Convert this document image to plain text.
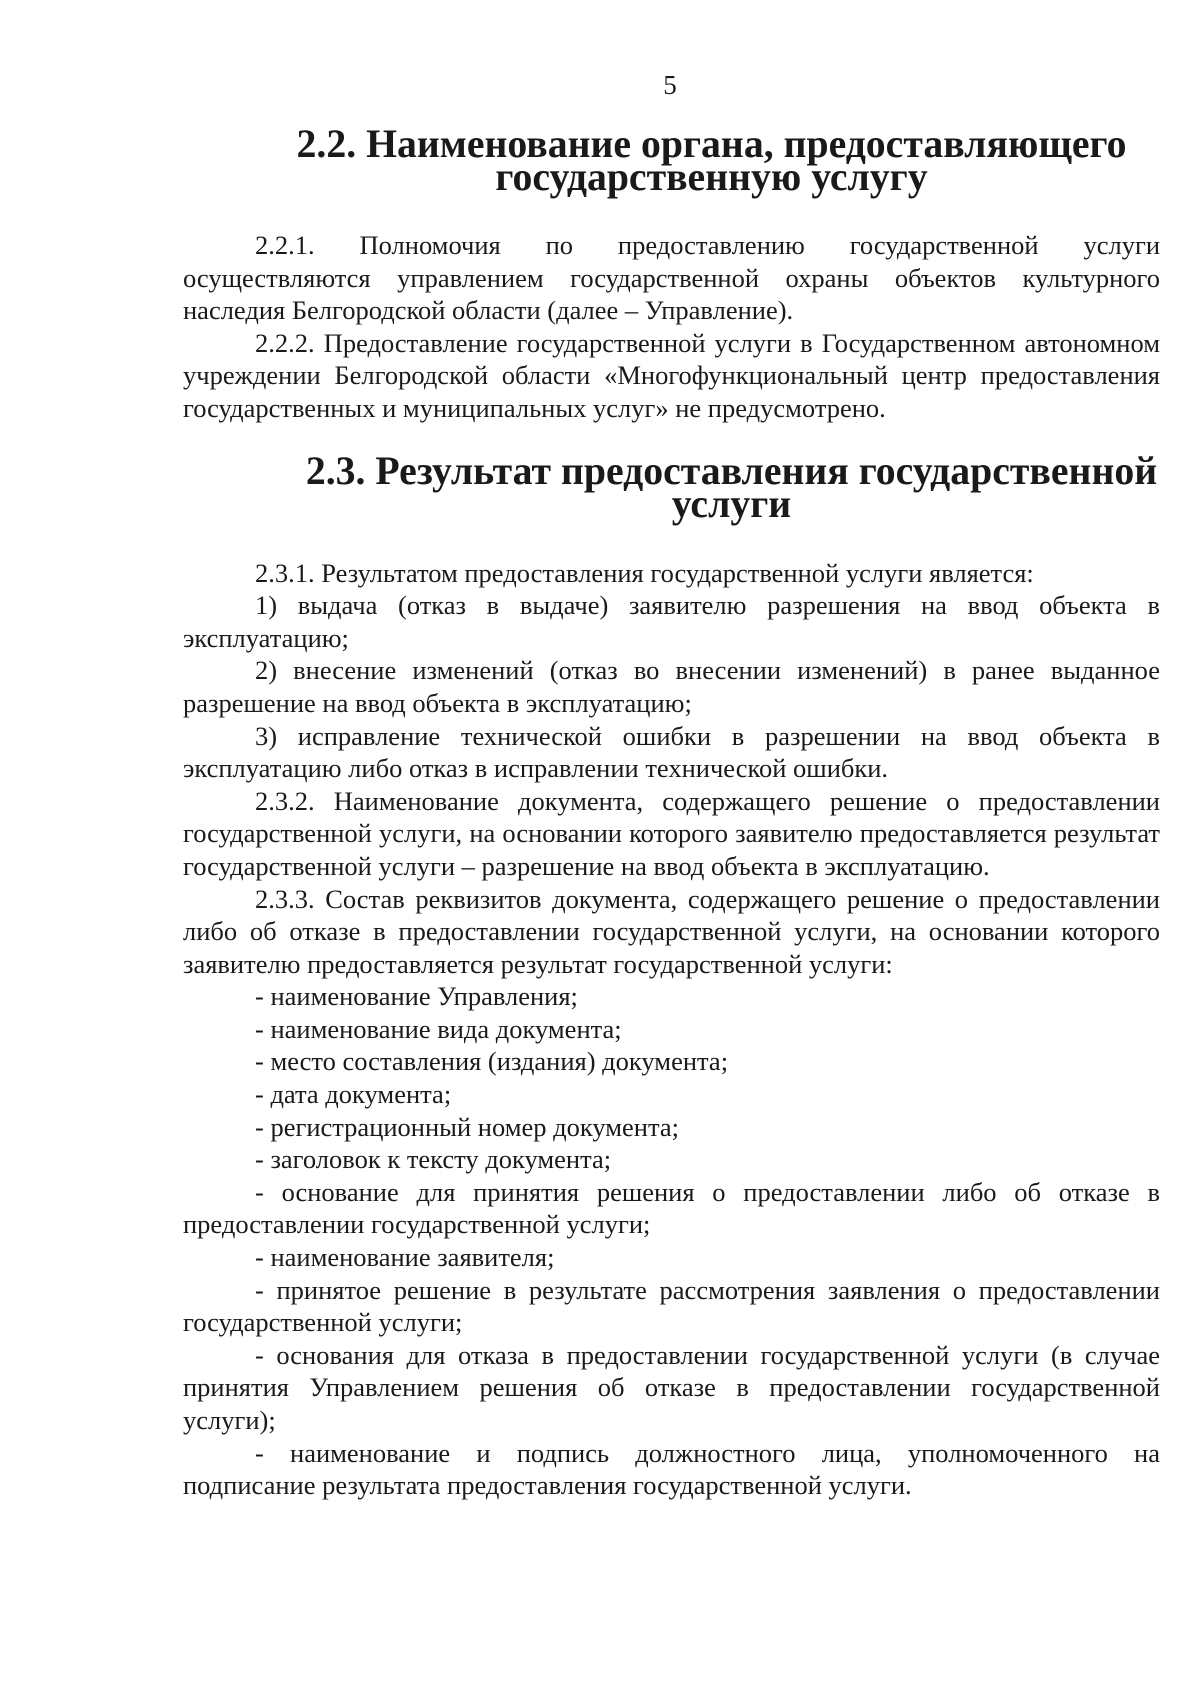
5
2.2. Наименование органа, предоставляющего государственную услугу

2.2.1. Полномочия по предоставлению государственной услуги осуществляются управлением государственной охраны объектов культурного наследия Белгородской области (далее – Управление).

2.2.2. Предоставление государственной услуги в Государственном автономном учреждении Белгородской области «Многофункциональный центр предоставления государственных и муниципальных услуг» не предусмотрено.

2.3. Результат предоставления государственной услуги

2.3.1. Результатом предоставления государственной услуги является:

1) выдача (отказ в выдаче) заявителю разрешения на ввод объекта в эксплуатацию;

2) внесение изменений (отказ во внесении изменений) в ранее выданное разрешение на ввод объекта в эксплуатацию;

3) исправление технической ошибки в разрешении на ввод объекта в эксплуатацию либо отказ в исправлении технической ошибки.

2.3.2. Наименование документа, содержащего решение о предоставлении государственной услуги, на основании которого заявителю предоставляется результат государственной услуги – разрешение на ввод объекта в эксплуатацию.

2.3.3. Состав реквизитов документа, содержащего решение о предоставлении либо об отказе в предоставлении государственной услуги, на основании которого заявителю предоставляется результат государственной услуги:

- наименование Управления;

- наименование вида документа;

- место составления (издания) документа;

- дата документа;

- регистрационный номер документа;

- заголовок к тексту документа;

- основание для принятия решения о предоставлении либо об отказе в предоставлении государственной услуги;

- наименование заявителя;

- принятое решение в результате рассмотрения заявления о предоставлении государственной услуги;

- основания для отказа в предоставлении государственной услуги (в случае принятия Управлением решения об отказе в предоставлении государственной услуги);

- наименование и подпись должностного лица, уполномоченного на подписание результата предоставления государственной услуги.
